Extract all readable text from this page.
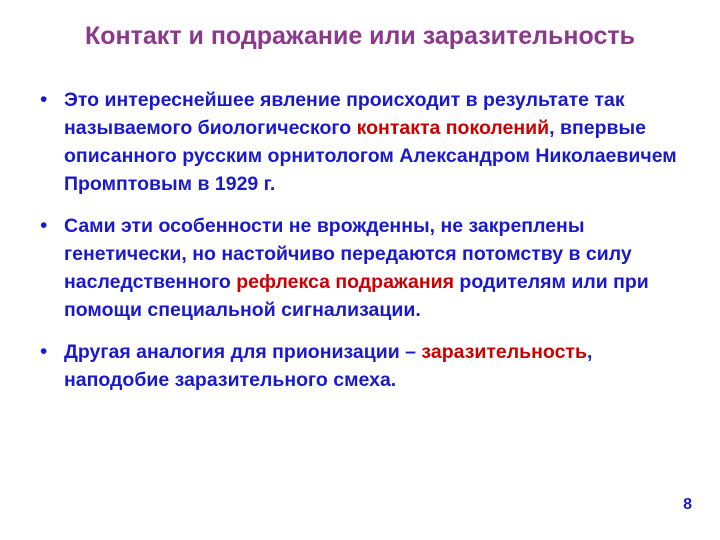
Контакт и подражание или заразительность
• Это интереснейшее явление происходит в результате так называемого биологического контакта поколений, впервые описанного русским орнитологом Александром Николаевичем Промптовым в 1929 г.
• Сами эти особенности не врожденны, не закреплены генетически, но настойчиво передаются потомству в силу наследственного рефлекса подражания родителям или при помощи специальной сигнализации.
• Другая аналогия для прионизации – заразительность, наподобие заразительного смеха.
8
